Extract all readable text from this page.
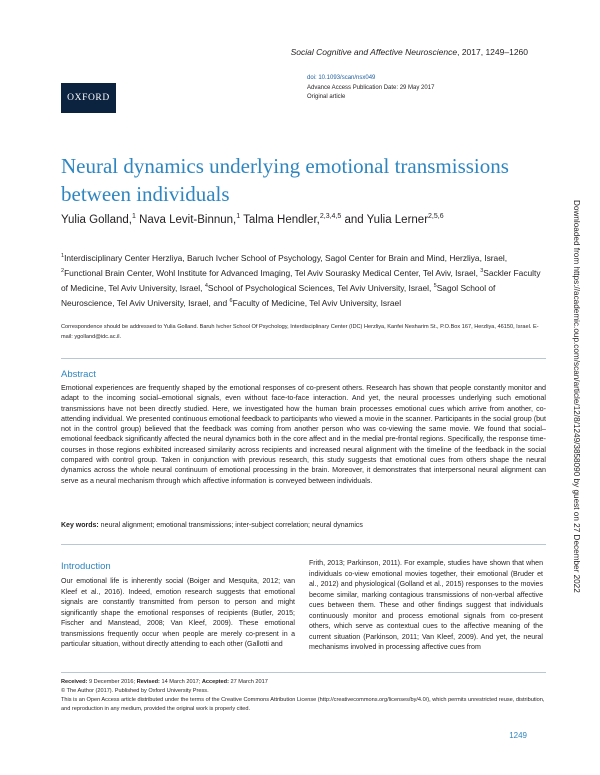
OXFORD
Social Cognitive and Affective Neuroscience, 2017, 1249–1260
doi: 10.1093/scan/nsx049
Advance Access Publication Date: 29 May 2017
Original article
Neural dynamics underlying emotional transmissions between individuals
Yulia Golland,$^1$ Nava Levit-Binnun,$^1$ Talma Hendler,$^{2,3,4,5}$ and Yulia Lerner$^{2,5,6}$
$^1$Interdisciplinary Center Herzliya, Baruch Ivcher School of Psychology, Sagol Center for Brain and Mind, Herzliya, Israel, $^2$Functional Brain Center, Wohl Institute for Advanced Imaging, Tel Aviv Sourasky Medical Center, Tel Aviv, Israel, $^3$Sackler Faculty of Medicine, Tel Aviv University, Israel, $^4$School of Psychological Sciences, Tel Aviv University, Israel, $^5$Sagol School of Neuroscience, Tel Aviv University, Israel, and $^6$Faculty of Medicine, Tel Aviv University, Israel
Correspondence should be addressed to Yulia Golland. Baruh Ivcher School Of Psychology, Interdisciplinary Center (IDC) Herzliya, Kanfei Nesharim St., P.O.Box 167, Herzliya, 46150, Israel. E-mail: ygolland@idc.ac.il.
Abstract
Emotional experiences are frequently shaped by the emotional responses of co-present others. Research has shown that people constantly monitor and adapt to the incoming social–emotional signals, even without face-to-face interaction. And yet, the neural processes underlying such emotional transmissions have not been directly studied. Here, we investigated how the human brain processes emotional cues which arrive from another, co-attending individual. We presented continuous emotional feedback to participants who viewed a movie in the scanner. Participants in the social group (but not in the control group) believed that the feedback was coming from another person who was co-viewing the same movie. We found that social–emotional feedback significantly affected the neural dynamics both in the core affect and in the medial pre-frontal regions. Specifically, the response time-courses in those regions exhibited increased similarity across recipients and increased neural alignment with the timeline of the feedback in the social compared with control group. Taken in conjunction with previous research, this study suggests that emotional cues from others shape the neural dynamics across the whole neural continuum of emotional processing in the brain. Moreover, it demonstrates that interpersonal neural alignment can serve as a neural mechanism through which affective information is conveyed between individuals.
Key words: neural alignment; emotional transmissions; inter-subject correlation; neural dynamics
Introduction
Our emotional life is inherently social (Boiger and Mesquita, 2012; van Kleef et al., 2016). Indeed, emotion research suggests that emotional signals are constantly transmitted from person to person and might significantly shape the emotional responses of recipients (Butler, 2015; Fischer and Manstead, 2008; Van Kleef, 2009). These emotional transmissions frequently occur when people are merely co-present in a particular situation, without directly attending to each other (Gallotti and
Frith, 2013; Parkinson, 2011). For example, studies have shown that when individuals co-view emotional movies together, their emotional (Bruder et al., 2012) and physiological (Golland et al., 2015) responses to the movies become similar, marking contagious transmissions of non-verbal affective cues between them. These and other findings suggest that individuals continuously monitor and process emotional signals from co-present others, which serve as contextual cues to the affective meaning of the current situation (Parkinson, 2011; Van Kleef, 2009). And yet, the neural mechanisms involved in processing affective cues from
Received: 9 December 2016; Revised: 14 March 2017; Accepted: 27 March 2017
© The Author (2017). Published by Oxford University Press.
This is an Open Access article distributed under the terms of the Creative Commons Attribution License (http://creativecommons.org/licenses/by/4.0/), which permits unrestricted reuse, distribution, and reproduction in any medium, provided the original work is properly cited.
1249
Downloaded from https://academic.oup.com/scan/article/12/8/1249/3858090 by guest on 27 December 2022
